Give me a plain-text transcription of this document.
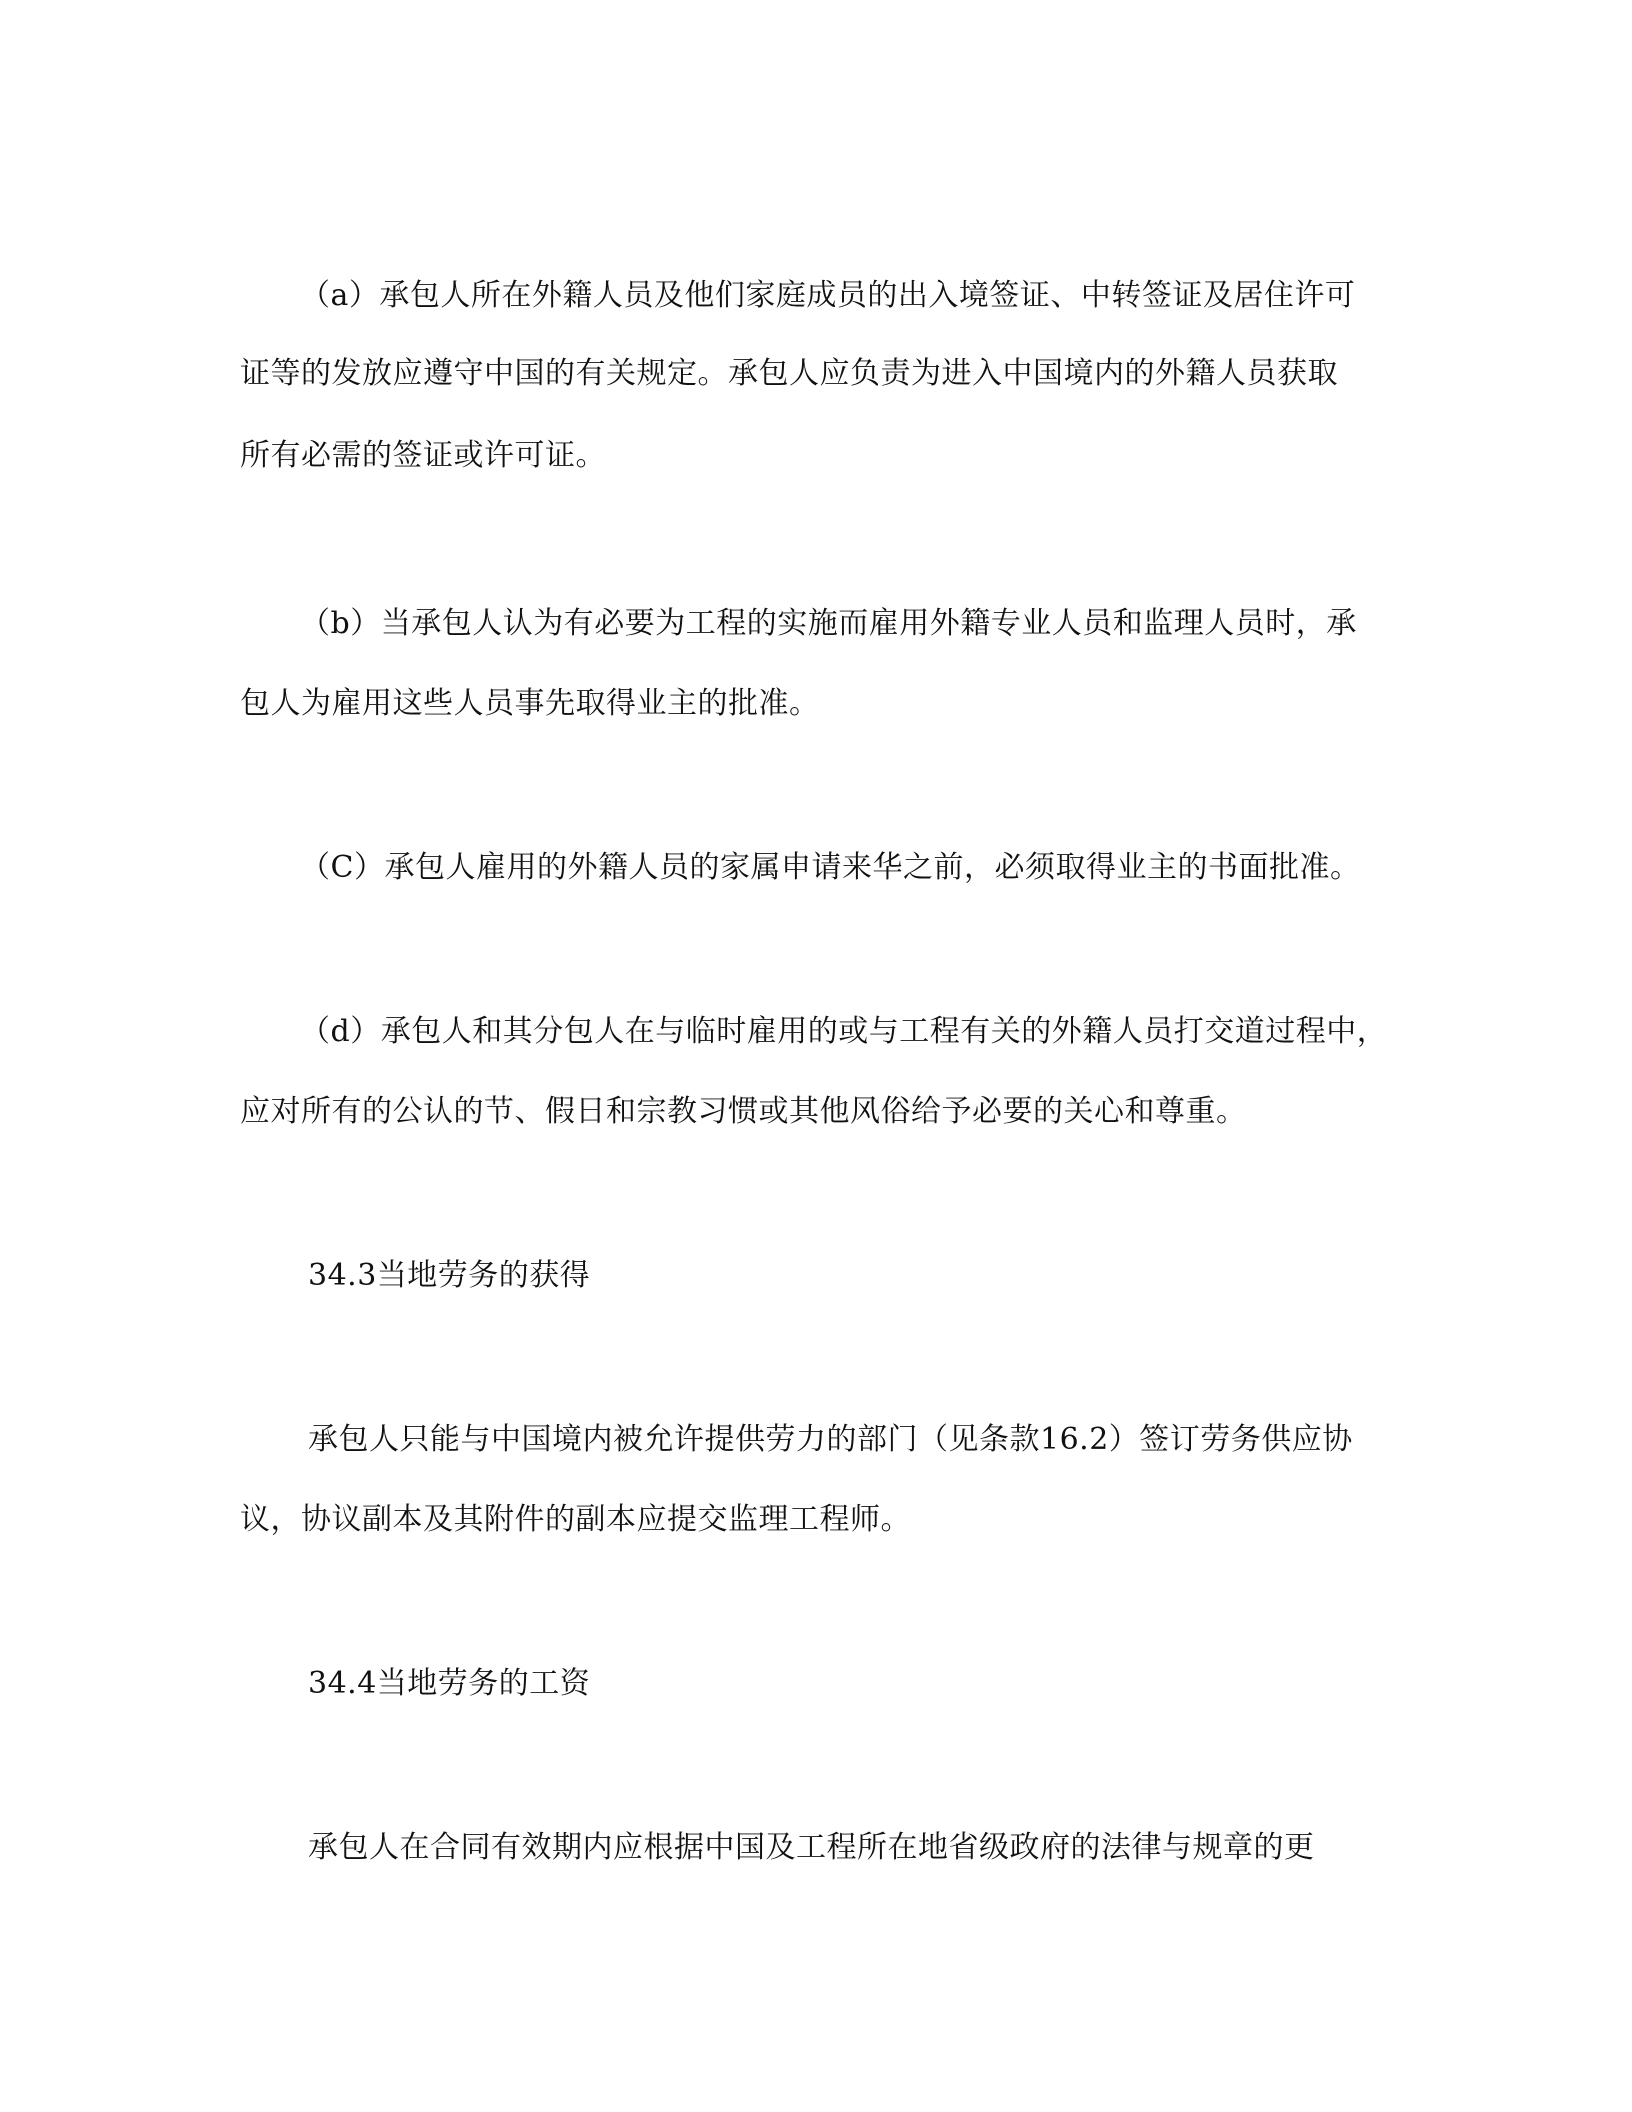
（a）承包人所在外籍人员及他们家庭成员的出入境签证、中转签证及居住许可
证等的发放应遵守中国的有关规定。承包人应负责为进入中国境内的外籍人员获取
所有必需的签证或许可证。
（b）当承包人认为有必要为工程的实施而雇用外籍专业人员和监理人员时，承
包人为雇用这些人员事先取得业主的批准。
（C）承包人雇用的外籍人员的家属申请来华之前，必须取得业主的书面批准。
（d）承包人和其分包人在与临时雇用的或与工程有关的外籍人员打交道过程中，
应对所有的公认的节、假日和宗教习惯或其他风俗给予必要的关心和尊重。
34.3当地劳务的获得
承包人只能与中国境内被允许提供劳力的部门（见条款16.2）签订劳务供应协
议，协议副本及其附件的副本应提交监理工程师。
34.4当地劳务的工资
承包人在合同有效期内应根据中国及工程所在地省级政府的法律与规章的更
